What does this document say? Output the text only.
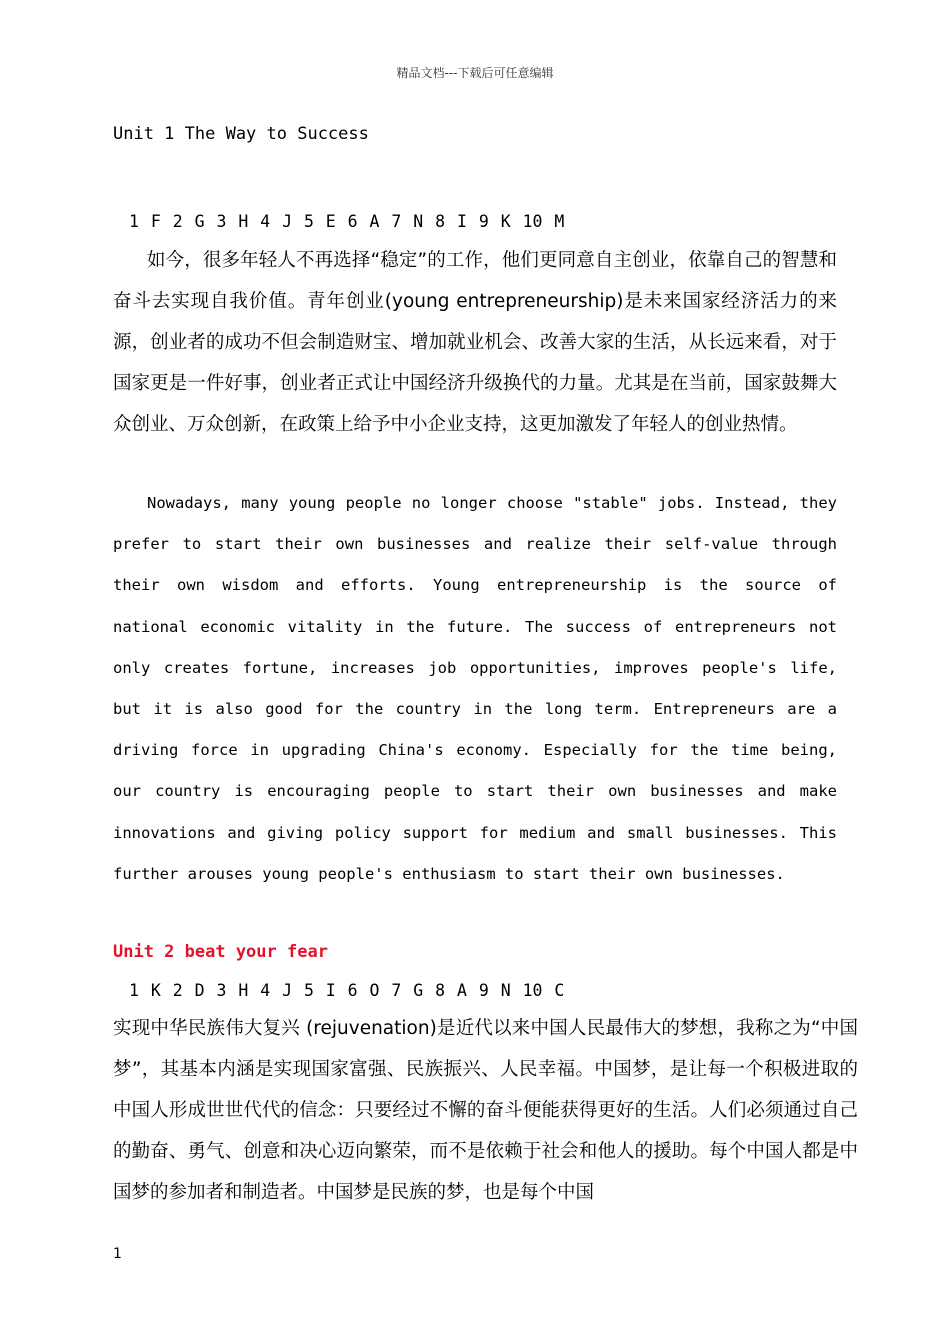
精品文档---下载后可任意编辑
Unit 1 The Way to Success
1 F 2 G 3 H 4 J 5 E 6 A 7 N 8 I 9 K 10 M
如今，很多年轻人不再选择“稳定”的工作，他们更同意自主创业，依靠自己的智慧和奋斗去实现自我价值。青年创业(young entrepreneurship)是未来国家经济活力的来源，创业者的成功不但会制造财宝、增加就业机会、改善大家的生活，从长远来看，对于国家更是一件好事，创业者正式让中国经济升级换代的力量。尤其是在当前，国家鼓舞大众创业、万众创新，在政策上给予中小企业支持，这更加激发了年轻人的创业热情。
Nowadays, many young people no longer choose "stable" jobs. Instead, they prefer to start their own businesses and realize their self-value through their own wisdom and efforts. Young entrepreneurship is the source of national economic vitality in the future. The success of entrepreneurs not only creates fortune, increases job opportunities, improves people's life, but it is also good for the country in the long term. Entrepreneurs are a driving force in upgrading China's economy. Especially for the time being, our country is encouraging people to start their own businesses and make innovations and giving policy support for medium and small businesses. This further arouses young people's enthusiasm to start their own businesses.
Unit 2 beat your fear
1 K 2 D 3 H 4 J 5 I 6 O 7 G 8 A 9 N 10 C
实现中华民族伟大复兴 (rejuvenation)是近代以来中国人民最伟大的梦想，我称之为“中国梦”，其基本内涵是实现国家富强、民族振兴、人民幸福。中国梦，是让每一个积极进取的中国人形成世世代代的信念：只要经过不懈的奋斗便能获得更好的生活。人们必须通过自己的勤奋、勇气、创意和决心迈向繁荣，而不是依赖于社会和他人的援助。每个中国人都是中国梦的参加者和制造者。中国梦是民族的梦，也是每个中国
1
